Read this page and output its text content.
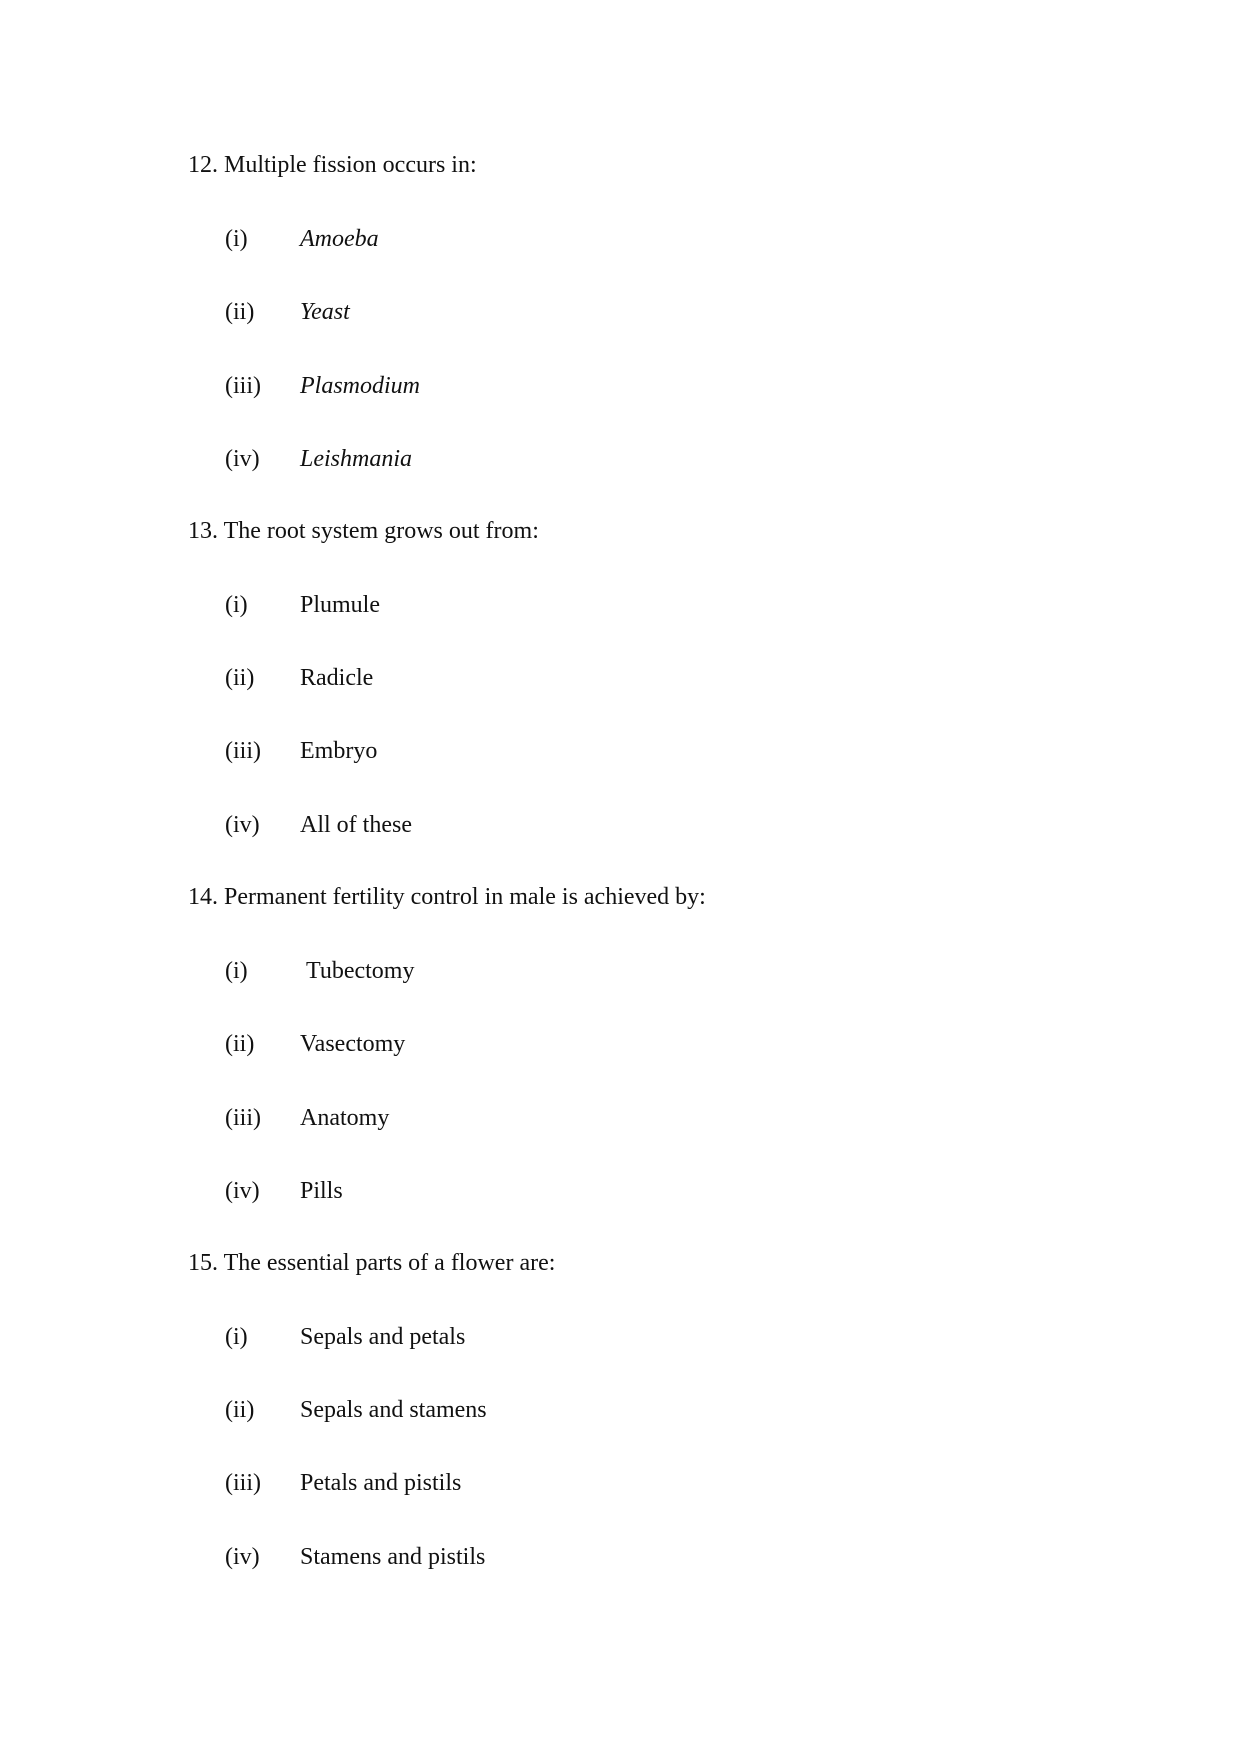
12. Multiple fission occurs in:
(i) Amoeba
(ii) Yeast
(iii) Plasmodium
(iv) Leishmania
13. The root system grows out from:
(i) Plumule
(ii) Radicle
(iii) Embryo
(iv) All of these
14. Permanent fertility control in male is achieved by:
(i) Tubectomy
(ii) Vasectomy
(iii) Anatomy
(iv) Pills
15. The essential parts of a flower are:
(i) Sepals and petals
(ii) Sepals and stamens
(iii) Petals and pistils
(iv) Stamens and pistils
